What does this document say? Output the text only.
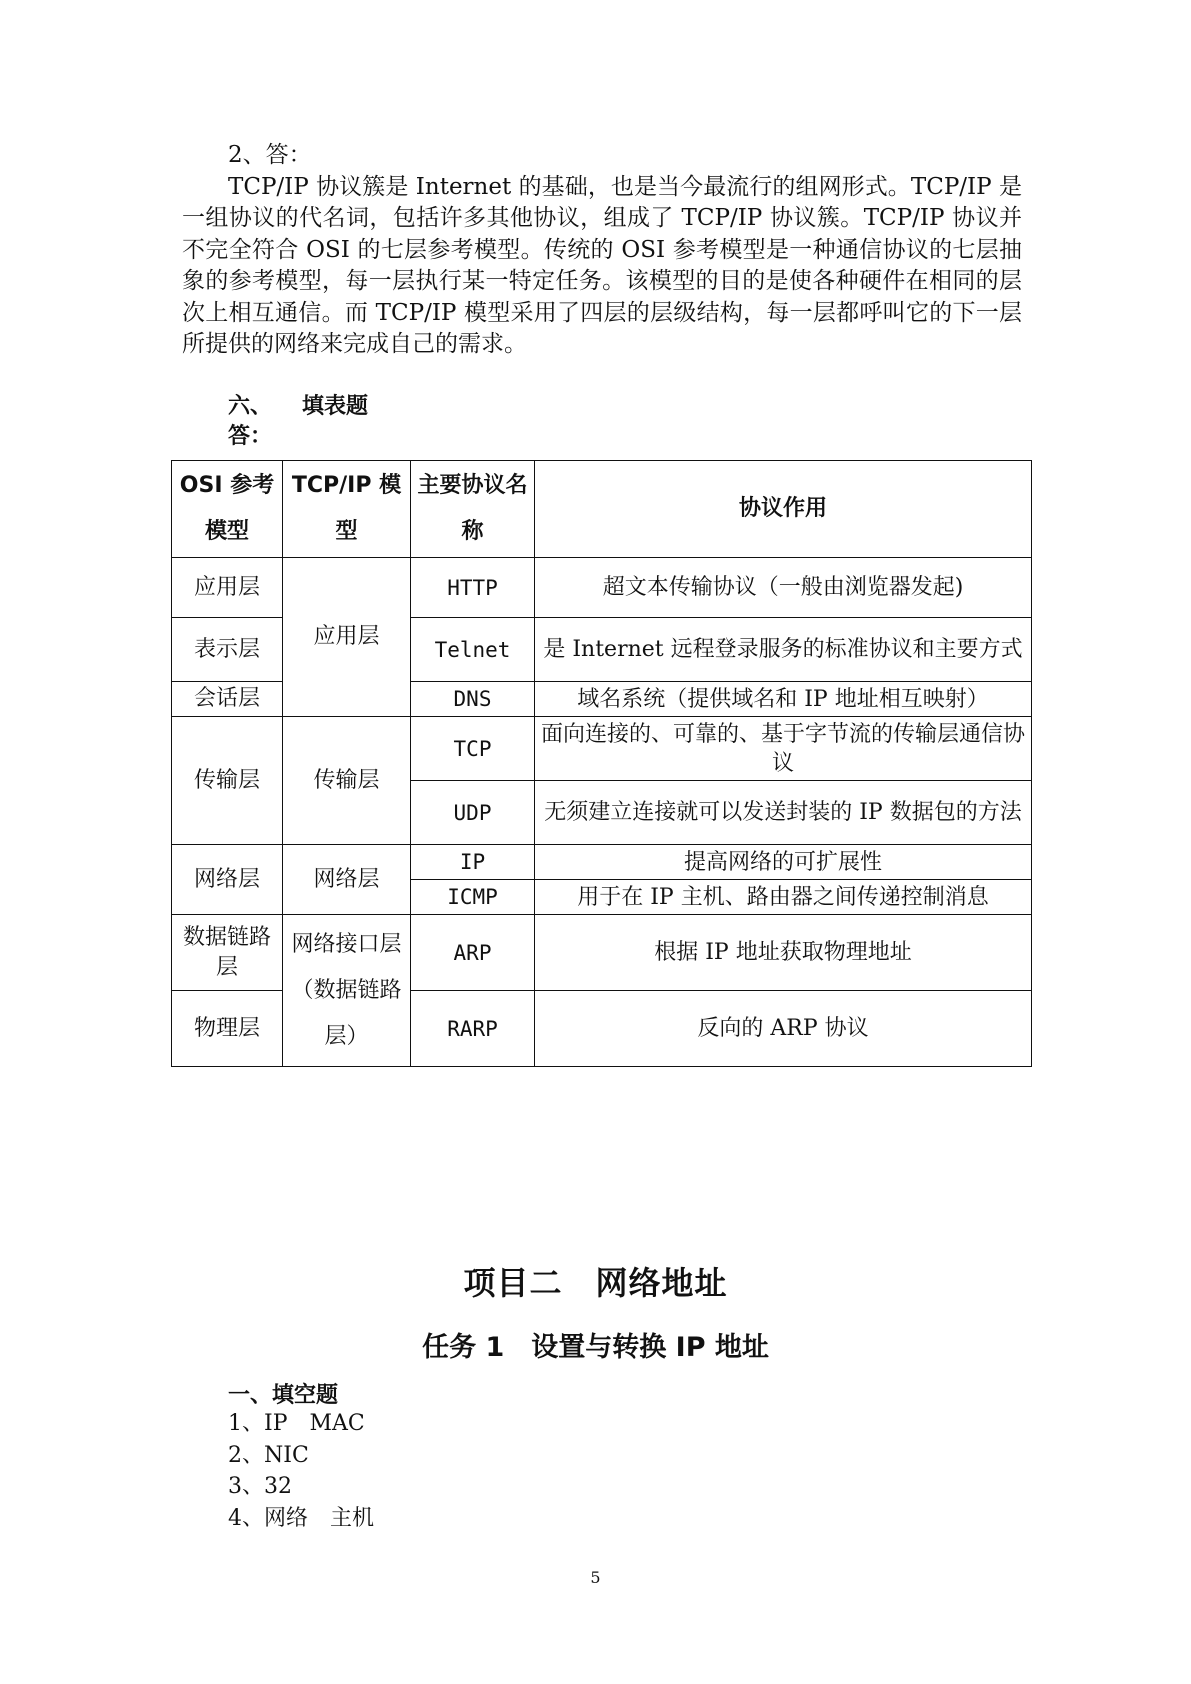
2、答：

TCP/IP 协议簇是 Internet 的基础，也是当今最流行的组网形式。TCP/IP 是一组协议的代名词，包括许多其他协议，组成了 TCP/IP 协议簇。TCP/IP 协议并不完全符合 OSI 的七层参考模型。传统的 OSI 参考模型是一种通信协议的七层抽象的参考模型，每一层执行某一特定任务。该模型的目的是使各种硬件在相同的层次上相互通信。而 TCP/IP 模型采用了四层的层级结构，每一层都呼叫它的下一层所提供的网络来完成自己的需求。

六、 填表题
答：
OSI 参考模型	TCP/IP 模型	主要协议名称	协议作用
应用层	应用层	HTTP	超文本传输协议（一般由浏览器发起)
表示层		Telnet	是 Internet 远程登录服务的标准协议和主要方式
会话层		DNS	域名系统（提供域名和 IP 地址相互映射）
传输层	传输层	TCP	面向连接的、可靠的、基于字节流的传输层通信协议
		UDP	无须建立连接就可以发送封装的 IP 数据包的方法
网络层	网络层	IP	提高网络的可扩展性
		ICMP	用于在 IP 主机、路由器之间传递控制消息
数据链路层	网络接口层（数据链路层）	ARP	根据 IP 地址获取物理地址
物理层		RARP	反向的 ARP 协议
项目二　网络地址
任务 1　设置与转换 IP 地址
一、填空题
1、IP　MAC
2、NIC
3、32
4、网络　主机
5
